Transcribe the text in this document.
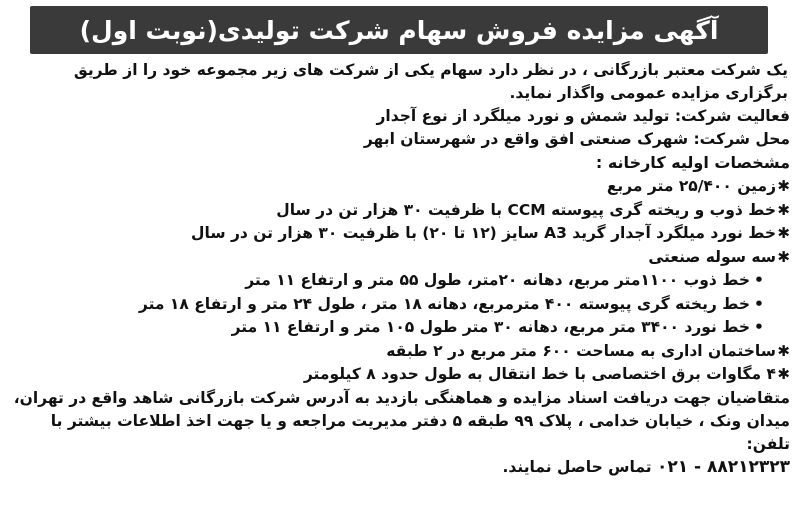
آگهی مزایده فروش سهام شرکت تولیدی(نوبت اول)
یک شرکت معتبر بازرگانی ، در نظر دارد سهام یکی از شرکت های زیر مجموعه خود را از طریق برگزاری مزایده عمومی واگذار نماید.
فعالیت شرکت: تولید شمش و نورد میلگرد از نوع آجدار
محل شرکت: شهرک صنعتی افق واقع در شهرستان ابهر
مشخصات اولیه کارخانه :
✱زمین ۲۵/۴۰۰ متر مربع
✱خط ذوب و ریخته گری پیوسته CCM با ظرفیت ۳۰ هزار تن در سال
✱خط نورد میلگرد آجدار گرید A3 سایز (۱۲ تا ۲۰) با ظرفیت ۳۰ هزار تن در سال
✱سه سوله صنعتی
•خط ذوب ۱۱۰۰متر مربع، دهانه ۲۰متر، طول ۵۵ متر و ارتفاع ۱۱ متر
•خط ریخته گری پیوسته ۴۰۰ مترمربع، دهانه ۱۸ متر ، طول ۲۴ متر و ارتفاع ۱۸ متر
•خط نورد ۳۴۰۰ متر مربع، دهانه ۳۰ متر طول ۱۰۵ متر و ارتفاع ۱۱ متر
✱ساختمان اداری به مساحت ۶۰۰ متر مربع در ۲ طبقه
✱۴ مگاوات برق اختصاصی با خط انتقال به طول حدود ۸ کیلومتر
متقاضیان جهت دریافت اسناد مزایده و هماهنگی بازدید به آدرس شرکت بازرگانی شاهد واقع در تهران،
میدان ونک ، خیابان خدامی ، پلاک ۹۹ طبقه ۵ دفتر مدیریت مراجعه و یا جهت اخذ اطلاعات بیشتر با تلفن:
۰۲۱ - ۸۸۲۱۲۳۲۳ تماس حاصل نمایند.
